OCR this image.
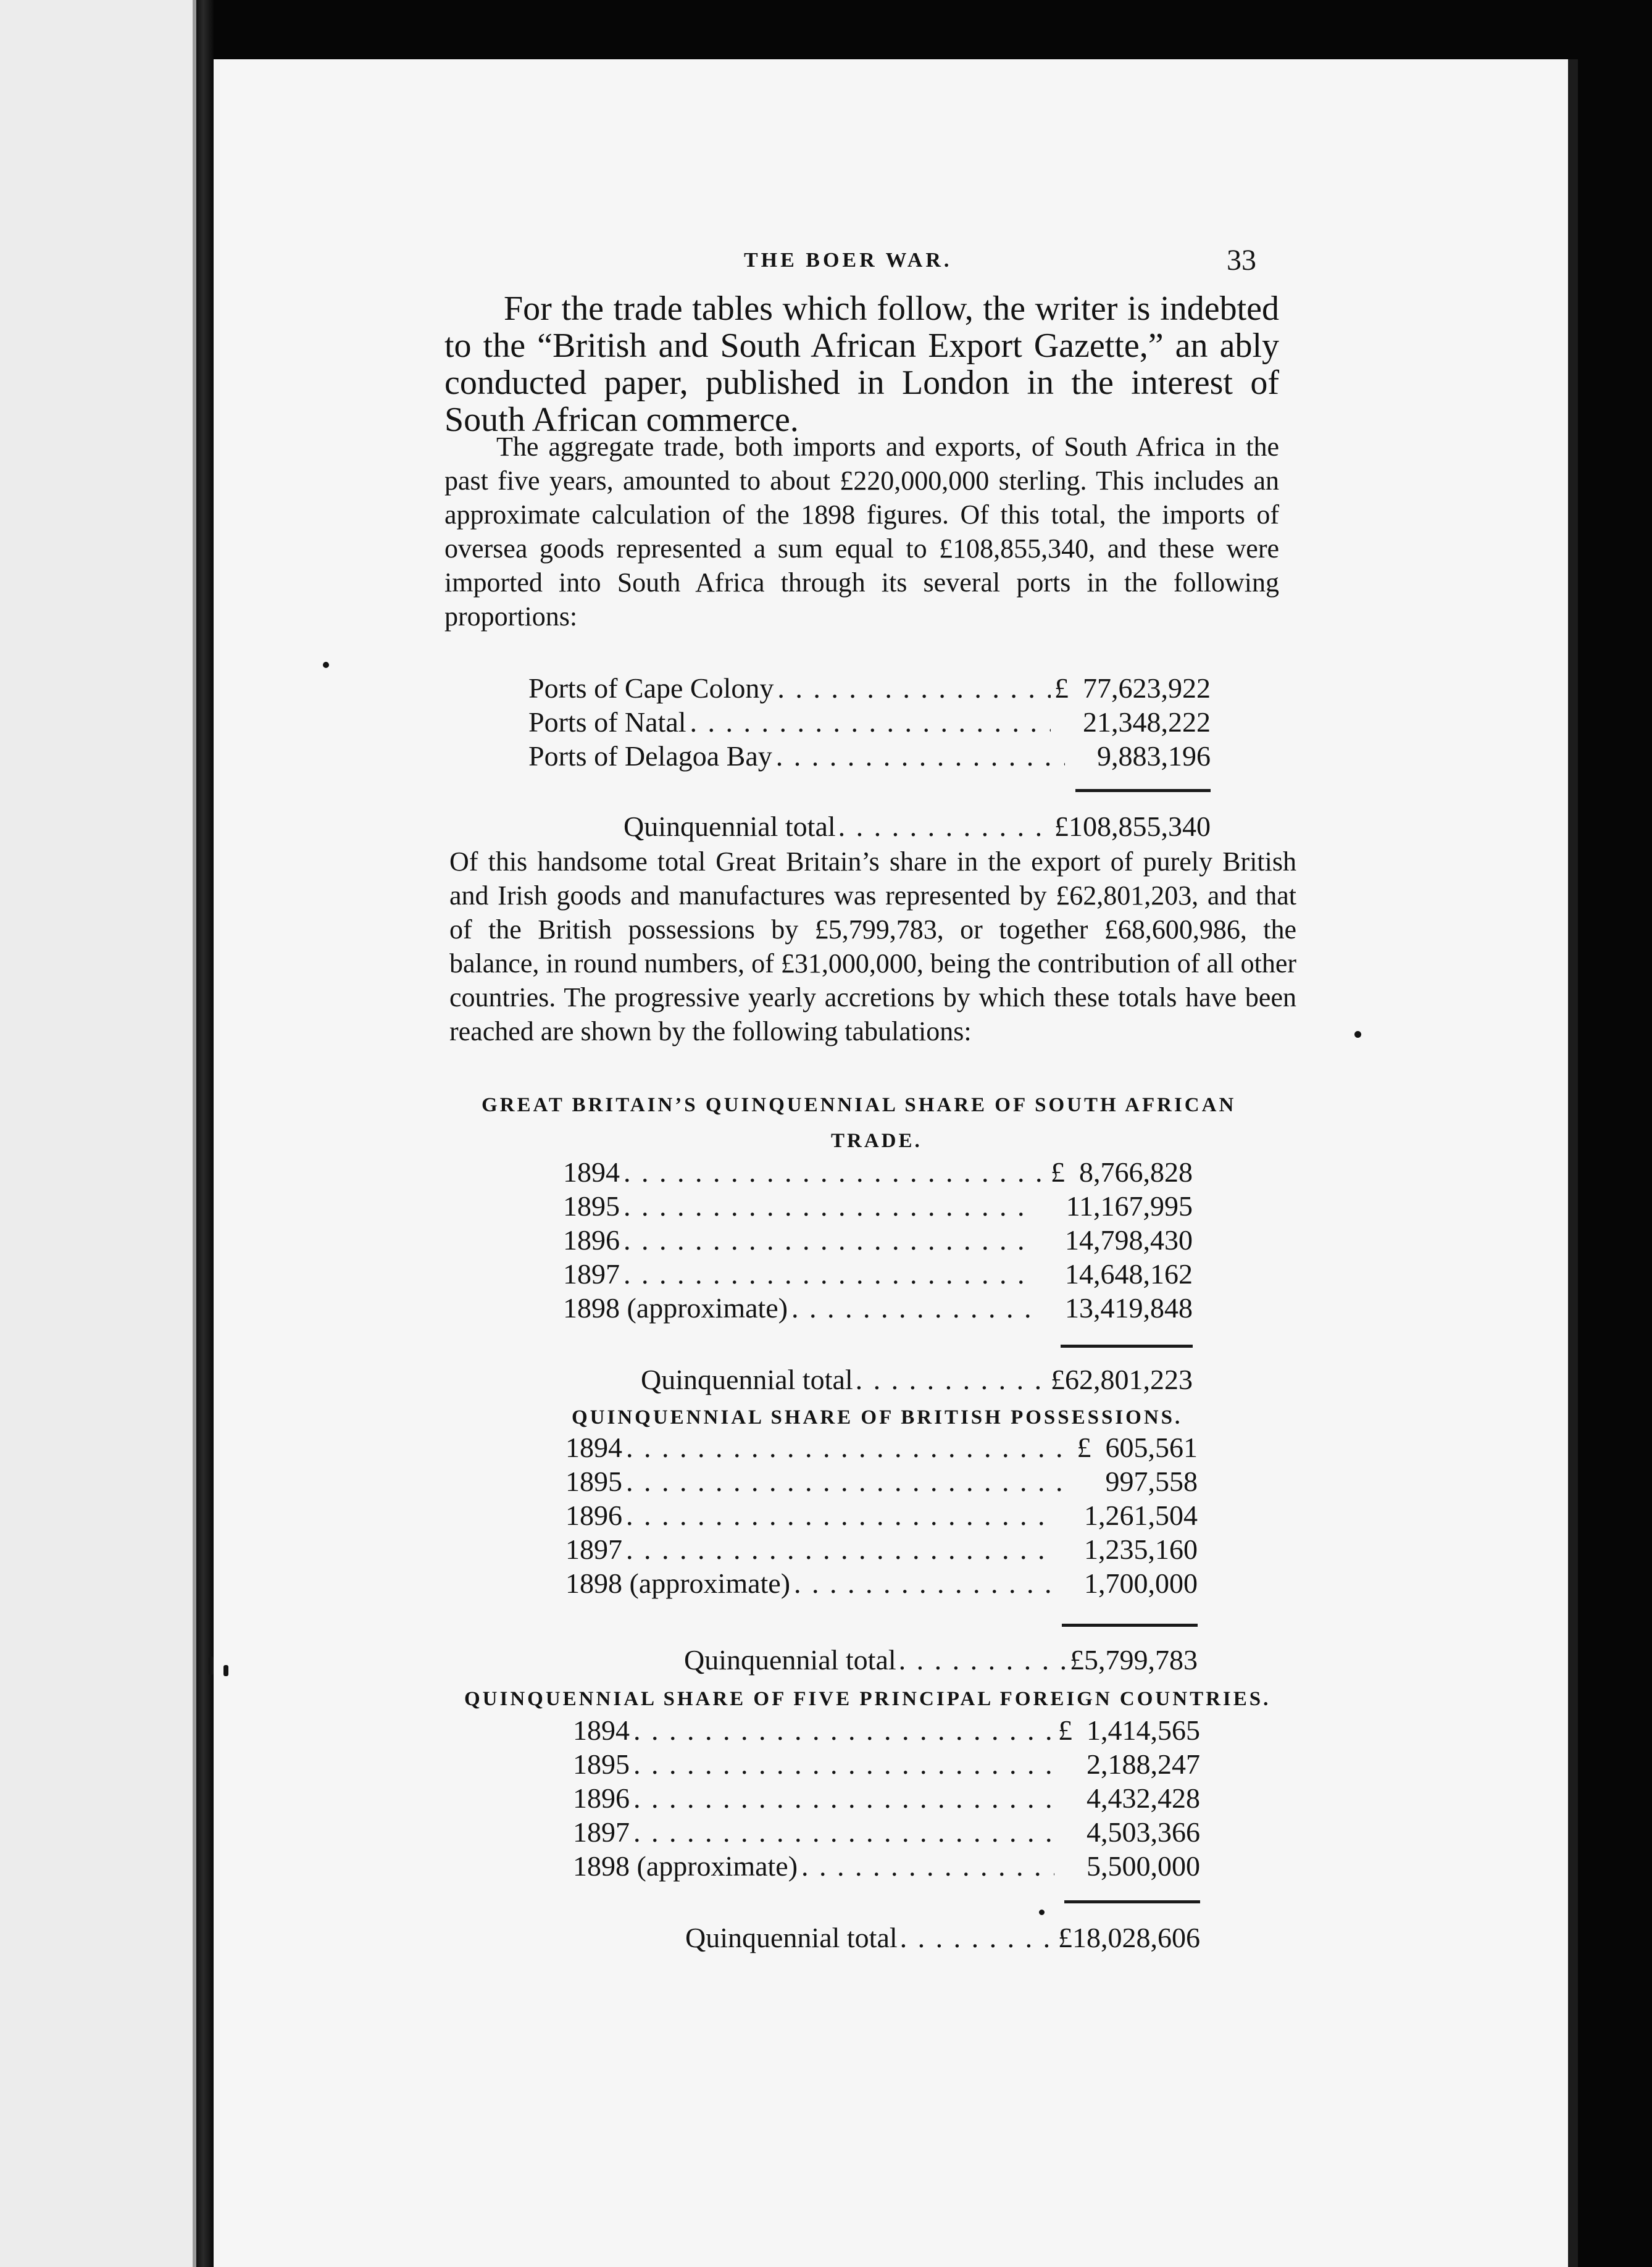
THE BOER WAR.	33

For the trade tables which follow, the writer is indebted to the “British and South African Export Gazette,” an ably conducted paper, published in London in the interest of South African commerce.

The aggregate trade, both imports and exports, of South Africa in the past five years, amounted to about £220,000,000 sterling. This includes an approximate calculation of the 1898 figures. Of this total, the imports of oversea goods represented a sum equal to £108,855,340, and these were imported into South Africa through its several ports in the following proportions:

Ports of Cape Colony . . .	£ 77,623,922
Ports of Natal . . .	21,348,222
Ports of Delagoa Bay . . .	9,883,196
Quinquennial total . . .	£108,855,340

Of this handsome total Great Britain’s share in the export of purely British and Irish goods and manufactures was represented by £62,801,203, and that of the British possessions by £5,799,783, or together £68,600,986, the balance, in round numbers, of £31,000,000, being the contribution of all other countries. The progressive yearly accretions by which these totals have been reached are shown by the following tabulations:

GREAT BRITAIN’S QUINQUENNIAL SHARE OF SOUTH AFRICAN
TRADE.
1894 . . .	£ 8,766,828
1895 . . .	11,167,995
1896 . . .	14,798,430
1897 . . .	14,648,162
1898 (approximate) . . .	13,419,848
Quinquennial total . . .	£62,801,223
QUINQUENNIAL SHARE OF BRITISH POSSESSIONS.
1894 . . .	£ 605,561
1895 . . .	997,558
1896 . . .	1,261,504
1897 . . .	1,235,160
1898 (approximate) . . .	1,700,000
Quinquennial total . . .	£5,799,783
QUINQUENNIAL SHARE OF FIVE PRINCIPAL FOREIGN COUNTRIES.
1894 . . .	£ 1,414,565
1895 . . .	2,188,247
1896 . . .	4,432,428
1897 . . .	4,503,366
1898 (approximate) . . .	5,500,000
Quinquennial total . . .	£18,028,606
